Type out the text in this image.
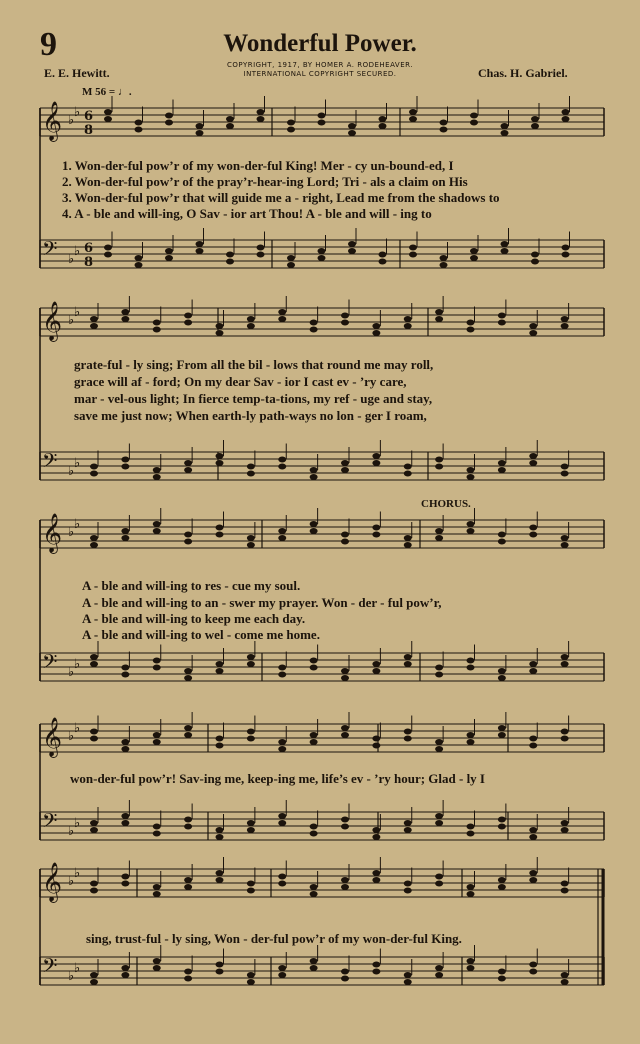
9	Wonderful Power.
COPYRIGHT, 1917, BY HOMER A. RODEHEAVER.
INTERNATIONAL COPYRIGHT SECURED.
E. E. Hewitt.	Chas. H. Gabriel.
M 56 = ♩.
CHORUS.
𝄞 ♭
♭ 6
8
𝄢 ♭
♭ 6
8
𝄞 ♭
♭
𝄢 ♭
♭
𝄞 ♭
♭
𝄢 ♭
♭
𝄞 ♭
♭
𝄢 ♭
♭
𝄞 ♭
♭
𝄢 ♭
♭
1. Won-der-ful pow’r of my won-der-ful King! Mer - cy un-bound-ed, I
2. Won-der-ful pow’r of the pray’r-hear-ing Lord; Tri - als a claim on His
3. Won-der-ful pow’r that will guide me a - right, Lead me from the shadows to
4. A - ble and will-ing, O Sav - ior art Thou! A - ble and will - ing to
grate-ful - ly sing; From all the bil - lows that round me may roll,
grace will af - ford; On my dear Sav - ior I cast ev - ’ry care,
mar - vel-ous light; In fierce temp-ta-tions, my ref - uge and stay,
save me just now; When earth-ly path-ways no lon - ger I roam,
A - ble and will-ing to res - cue my soul.
A - ble and will-ing to an - swer my prayer. Won - der - ful pow’r,
A - ble and will-ing to keep me each day.
A - ble and will-ing to wel - come me home.
won-der-ful pow’r! Sav-ing me, keep-ing me, life’s ev - ’ry hour; Glad - ly I
sing, trust-ful - ly sing, Won - der-ful pow’r of my won-der-ful King.
